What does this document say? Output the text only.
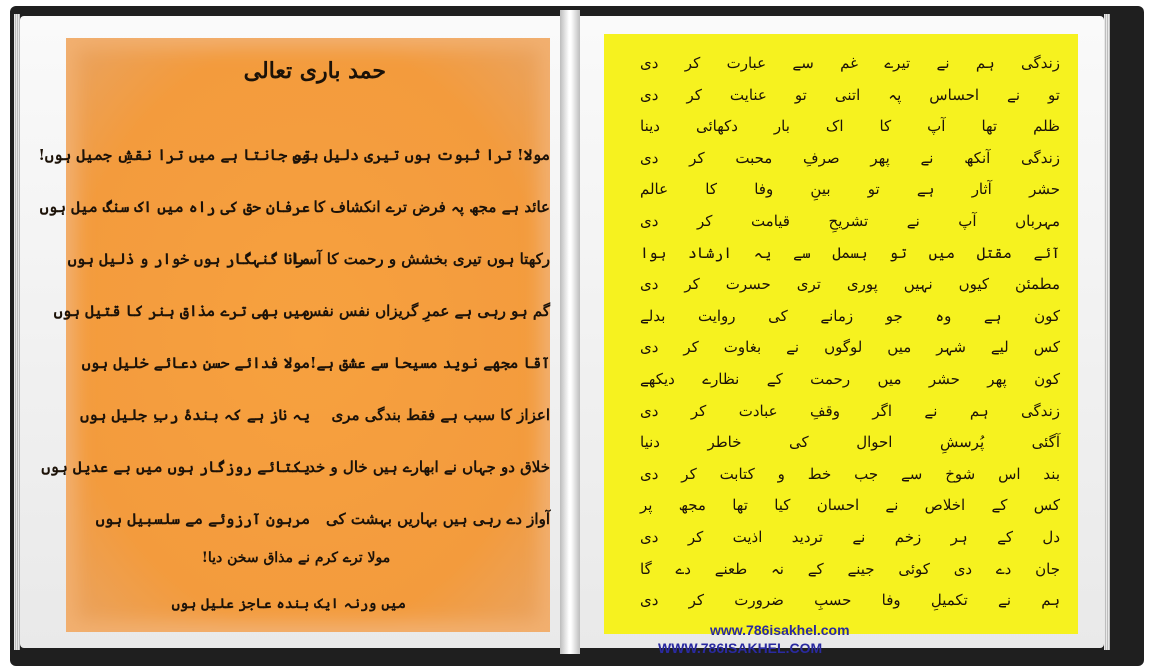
حمد باری تعالی
مولا! ترا ثبوت ہوں تیری دلیل ہوں
تو جانتا ہے میں ترا نقشِ جمیل ہوں!
عائد ہے مجھ پہ فرض ترے انکشاف کا
عرفان حق کی راہ میں اک سنگ میل ہوں
رکھتا ہوں تیری بخشش و رحمت کا آسرا
مانا گنہگار ہوں خوار و ذلیل ہوں
گم ہو رہی ہے عمرِ گریزاں نفس نفس
میں بھی ترے مذاق ہنر کا قتیل ہوں
آقا مجھے نوید مسیحا سے عشق ہے!
مولا فدائے حسنِ دعائے خلیل ہوں
اعزاز کا سبب ہے فقط بندگی مری
یہ ناز ہے کہ بندۂ ربِ جلیل ہوں
خلاق دو جہاں نے ابھارے ہیں خال و خد
یکتائے روزگار ہوں میں بے عدیل ہوں
آواز دے رہی ہیں بہاریں بہشت کی
مرہون آرزوئے مے سلسبیل ہوں
مولا ترے کرم نے مذاق سخن دیا!
میں ورنہ ایک بندہ عاجز علیل ہوں
زندگی ہم نے تیرے غم سے عبارت کر دی
تو نے احساس پہ اتنی تو عنایت کر دی
ظلم تھا آپ کا اک بار دکھائی دینا
زندگی آنکھ نے پھر صرفِ محبت کر دی
حشر آثار ہے تو بینِ وفا کا عالم
مہرباں آپ نے تشریحِ قیامت کر دی
آئے مقتل میں تو بسمل سے یہ ارشاد ہوا
مطمئن کیوں نہیں پوری تری حسرت کر دی
کون ہے وہ جو زمانے کی روایت بدلے
کس لیے شہر میں لوگوں نے بغاوت کر دی
کون پھر حشر میں رحمت کے نظارے دیکھے
زندگی ہم نے اگر وقفِ عبادت کر دی
آگئی پُرسشِ احوال کی خاطر دنیا
بند اس شوخ سے جب خط و کتابت کر دی
کس کے اخلاص نے احسان کیا تھا مجھ پر
دل کے ہر زخم نے تردید اذیت کر دی
جان دے دی کوئی جینے کے نہ طعنے دے گا
ہم نے تکمیلِ وفا حسبِ ضرورت کر دی
www.786isakhel.com
WWW.786ISAKHEL.COM
